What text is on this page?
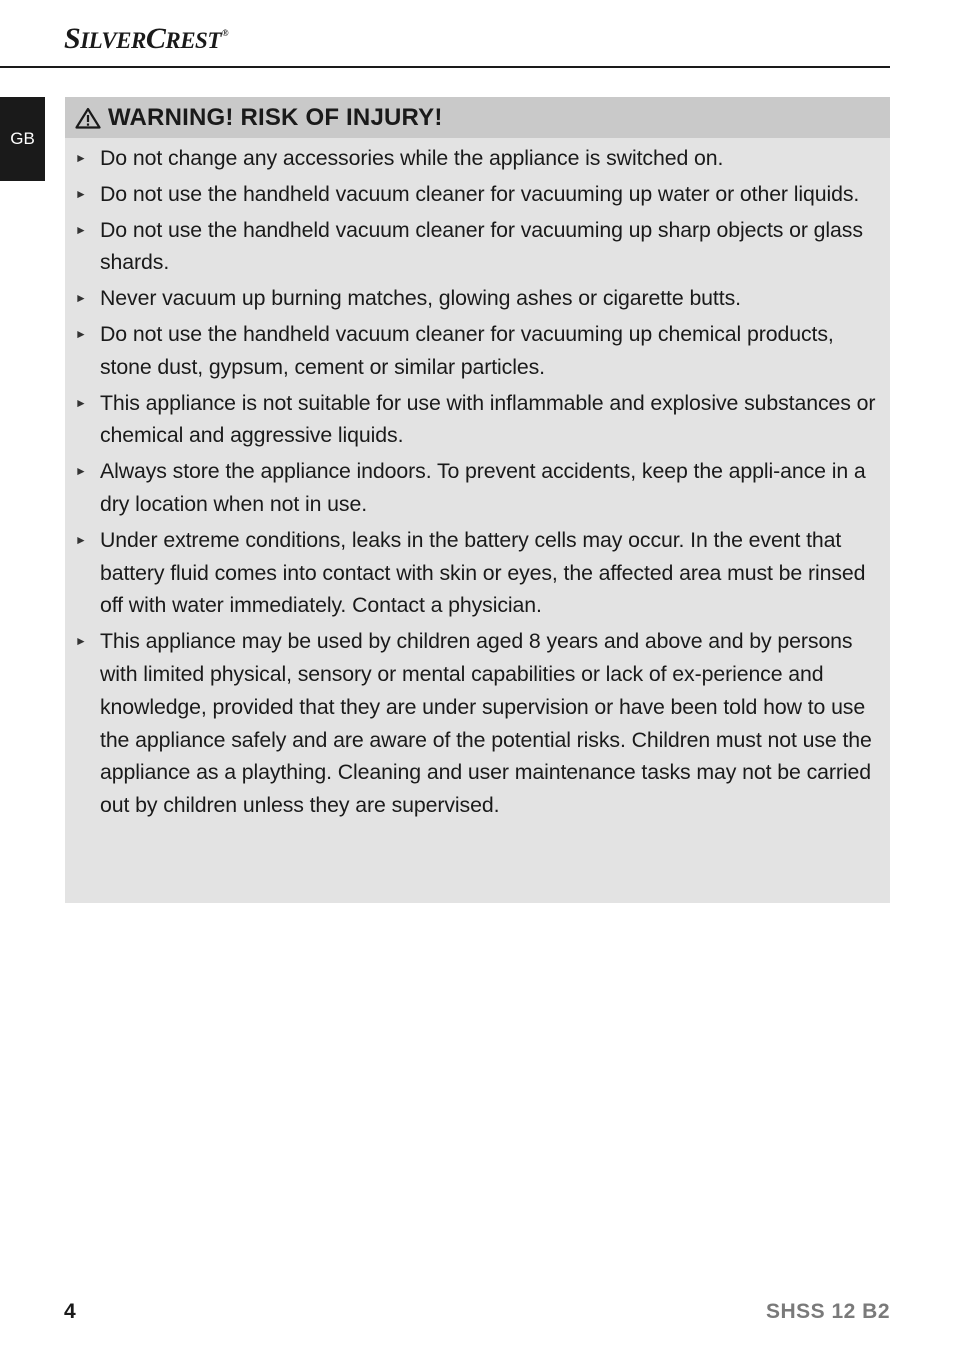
SILVERCREST®
GB
WARNING! RISK OF INJURY!
► Do not change any accessories while the appliance is switched on.
► Do not use the handheld vacuum cleaner for vacuuming up water or other liquids.
► Do not use the handheld vacuum cleaner for vacuuming up sharp objects or glass shards.
► Never vacuum up burning matches, glowing ashes or cigarette butts.
► Do not use the handheld vacuum cleaner for vacuuming up chemical products, stone dust, gypsum, cement or similar particles.
► This appliance is not suitable for use with inflammable and explosive substances or chemical and aggressive liquids.
► Always store the appliance indoors. To prevent accidents, keep the appli-ance in a dry location when not in use.
► Under extreme conditions, leaks in the battery cells may occur. In the event that battery fluid comes into contact with skin or eyes, the affected area must be rinsed off with water immediately. Contact a physician.
► This appliance may be used by children aged 8 years and above and by persons with limited physical, sensory or mental capabilities or lack of ex-perience and knowledge, provided that they are under supervision or have been told how to use the appliance safely and are aware of the potential risks. Children must not use the appliance as a plaything. Cleaning and user maintenance tasks may not be carried out by children unless they are supervised.
4	SHSS 12 B2
